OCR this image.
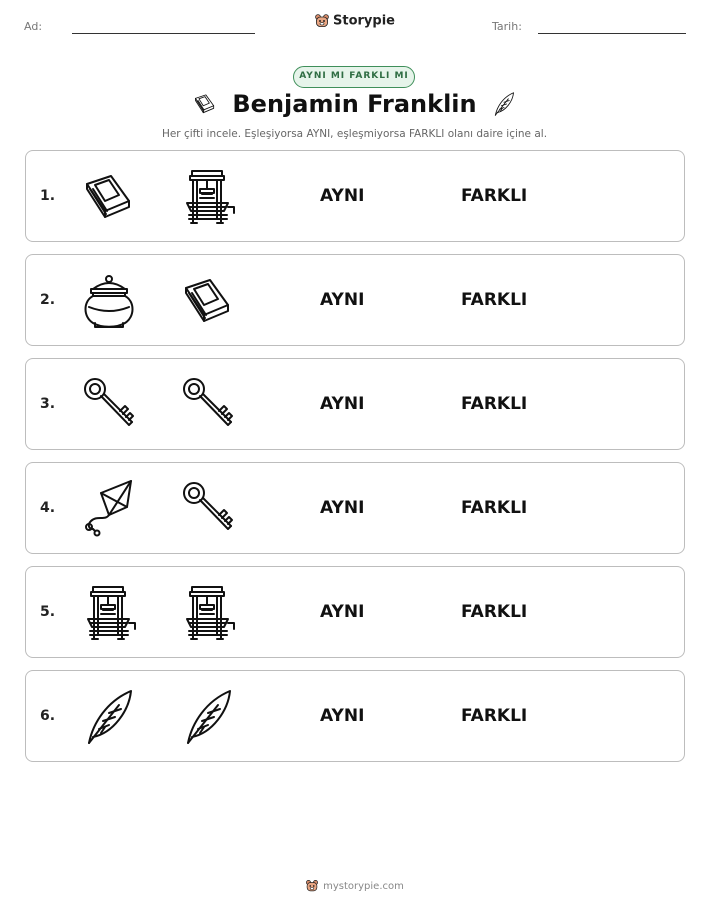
Ad:	Storypie	Tarih:
AYNI MI FARKLI MI
Benjamin Franklin
Her çifti incele. Eşleşiyorsa AYNI, eşleşmiyorsa FARKLI olanı daire içine al.
1.	AYNI	FARKLI
2.	AYNI	FARKLI
3.	AYNI	FARKLI
4.	AYNI	FARKLI
5.	AYNI	FARKLI
6.	AYNI	FARKLI
mystorypie.com
